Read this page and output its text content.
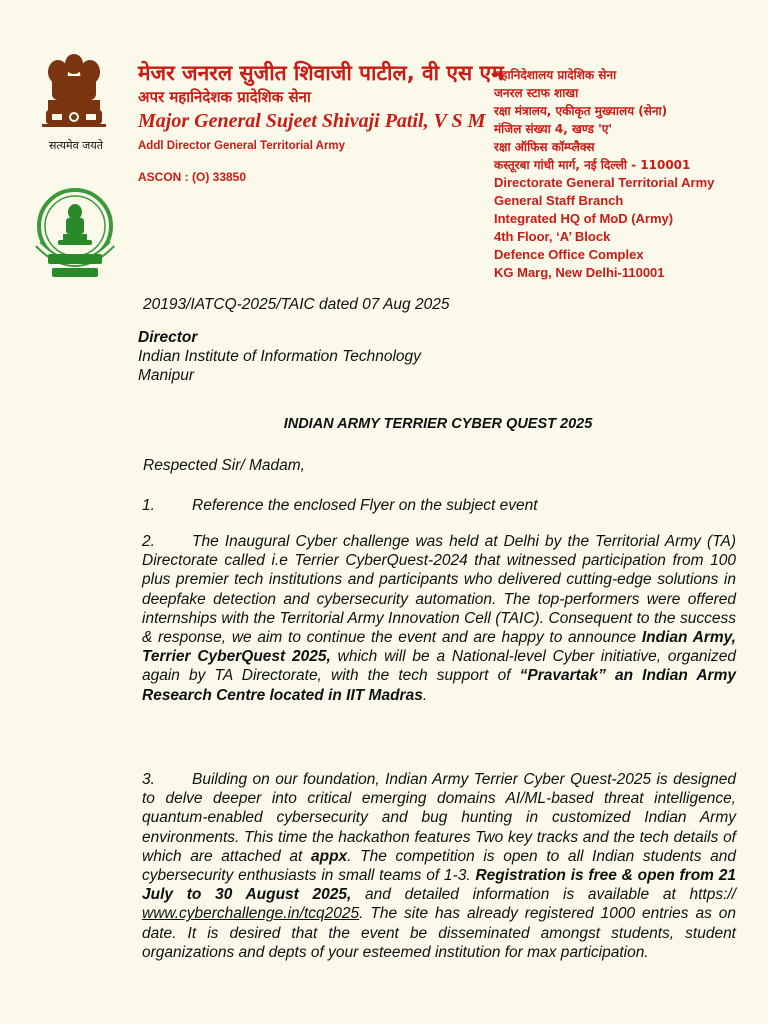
सत्यमेव जयते
मेजर जनरल सुजीत शिवाजी पाटील, वी एस एम
अपर महानिदेशक प्रादेशिक सेना
Major General Sujeet Shivaji Patil, V S M
Addl Director General Territorial Army
ASCON : (O) 33850
महानिदेशालय प्रादेशिक सेना
जनरल स्टाफ शाखा
रक्षा मंत्रालय, एकीकृत मुख्यालय (सेना)
मंजिल संख्या 4, खण्ड 'ए'
रक्षा ऑफिस कॉम्प्लैक्स
कस्तूरबा गांधी मार्ग, नई दिल्ली - 110001
Directorate General Territorial Army
General Staff Branch
Integrated HQ of MoD (Army)
4th Floor, ‘A’ Block
Defence Office Complex
KG Marg, New Delhi-110001
20193/IATCQ-2025/TAIC dated 07 Aug 2025
Director
Indian Institute of Information Technology
Manipur
INDIAN ARMY TERRIER CYBER QUEST 2025
Respected Sir/ Madam,
1. Reference the enclosed Flyer on the subject event
2. The Inaugural Cyber challenge was held at Delhi by the Territorial Army (TA) Directorate called i.e Terrier CyberQuest-2024 that witnessed participation from 100 plus premier tech institutions and participants who delivered cutting-edge solutions in deepfake detection and cybersecurity automation. The top-performers were offered internships with the Territorial Army Innovation Cell (TAIC). Consequent to the success & response, we aim to continue the event and are happy to announce Indian Army, Terrier CyberQuest 2025, which will be a National-level Cyber initiative, organized again by TA Directorate, with the tech support of “Pravartak” an Indian Army Research Centre located in IIT Madras.
3. Building on our foundation, Indian Army Terrier Cyber Quest-2025 is designed to delve deeper into critical emerging domains AI/ML-based threat intelligence, quantum-enabled cybersecurity and bug hunting in customized Indian Army environments. This time the hackathon features Two key tracks and the tech details of which are attached at appx. The competition is open to all Indian students and cybersecurity enthusiasts in small teams of 1-3. Registration is free & open from 21 July to 30 August 2025, and detailed information is available at https:// www.cyberchallenge.in/tcq2025. The site has already registered 1000 entries as on date. It is desired that the event be disseminated amongst students, student organizations and depts of your esteemed institution for max participation.
